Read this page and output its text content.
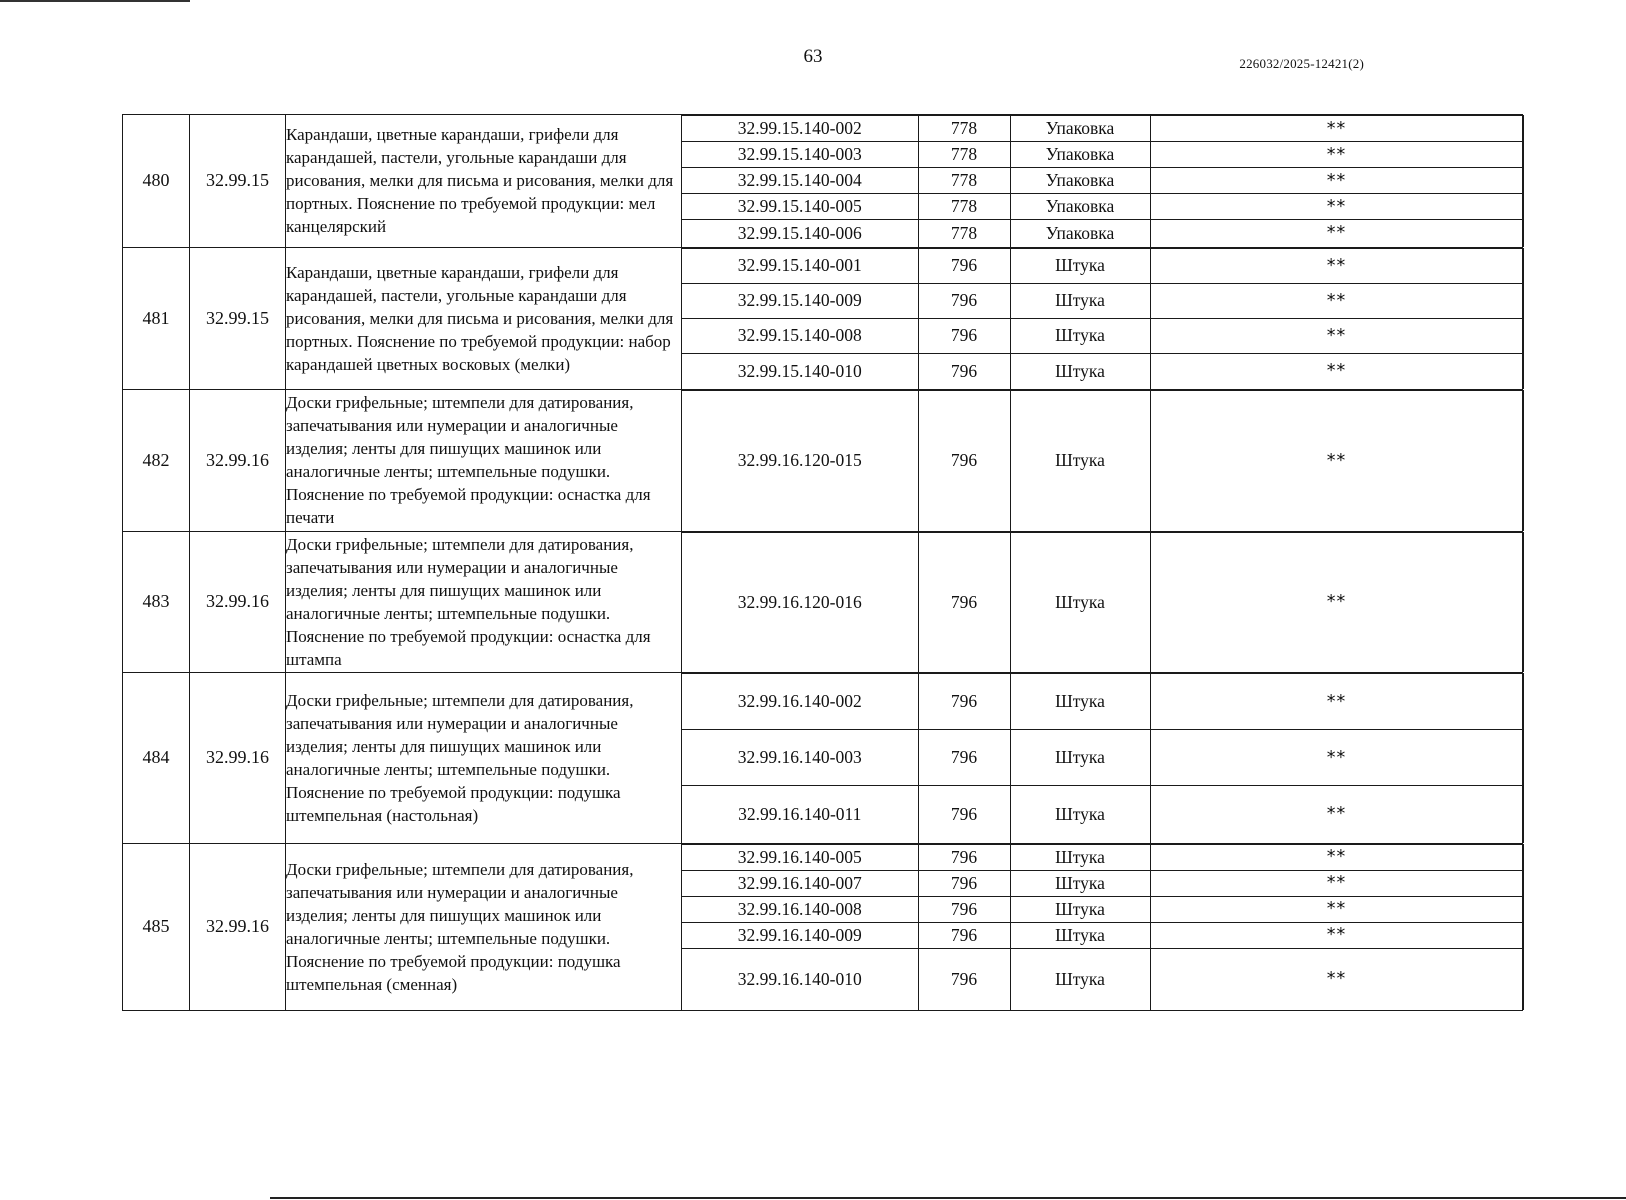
63	226032/2025-12421(2)
480	32.99.15	Карандаши, цветные карандаши, грифели для карандашей, пастели, угольные карандаши для рисования, мелки для письма и рисования, мелки для портных. Пояснение по требуемой продукции: мел канцелярский	
32.99.15.140-002	778	Упаковка	**
32.99.15.140-003	778	Упаковка	**
32.99.15.140-004	778	Упаковка	**
32.99.15.140-005	778	Упаковка	**
32.99.15.140-006	778	Упаковка	**

481	32.99.15	Карандаши, цветные карандаши, грифели для карандашей, пастели, угольные карандаши для рисования, мелки для письма и рисования, мелки для портных. Пояснение по требуемой продукции: набор карандашей цветных восковых (мелки)	
32.99.15.140-001	796	Штука	**
32.99.15.140-009	796	Штука	**
32.99.15.140-008	796	Штука	**
32.99.15.140-010	796	Штука	**

482	32.99.16	Доски грифельные; штемпели для датирования, запечатывания или нумерации и аналогичные изделия; ленты для пишущих машинок или аналогичные ленты; штемпельные подушки. Пояснение по требуемой продукции: оснастка для печати	
32.99.16.120-015	796	Штука	**

483	32.99.16	Доски грифельные; штемпели для датирования, запечатывания или нумерации и аналогичные изделия; ленты для пишущих машинок или аналогичные ленты; штемпельные подушки. Пояснение по требуемой продукции: оснастка для штампа	
32.99.16.120-016	796	Штука	**

484	32.99.16	Доски грифельные; штемпели для датирования, запечатывания или нумерации и аналогичные изделия; ленты для пишущих машинок или аналогичные ленты; штемпельные подушки. Пояснение по требуемой продукции: подушка штемпельная (настольная)	
32.99.16.140-002	796	Штука	**
32.99.16.140-003	796	Штука	**
32.99.16.140-011	796	Штука	**

485	32.99.16	Доски грифельные; штемпели для датирования, запечатывания или нумерации и аналогичные изделия; ленты для пишущих машинок или аналогичные ленты; штемпельные подушки. Пояснение по требуемой продукции: подушка штемпельная (сменная)	
32.99.16.140-005	796	Штука	**
32.99.16.140-007	796	Штука	**
32.99.16.140-008	796	Штука	**
32.99.16.140-009	796	Штука	**
32.99.16.140-010	796	Штука	**
